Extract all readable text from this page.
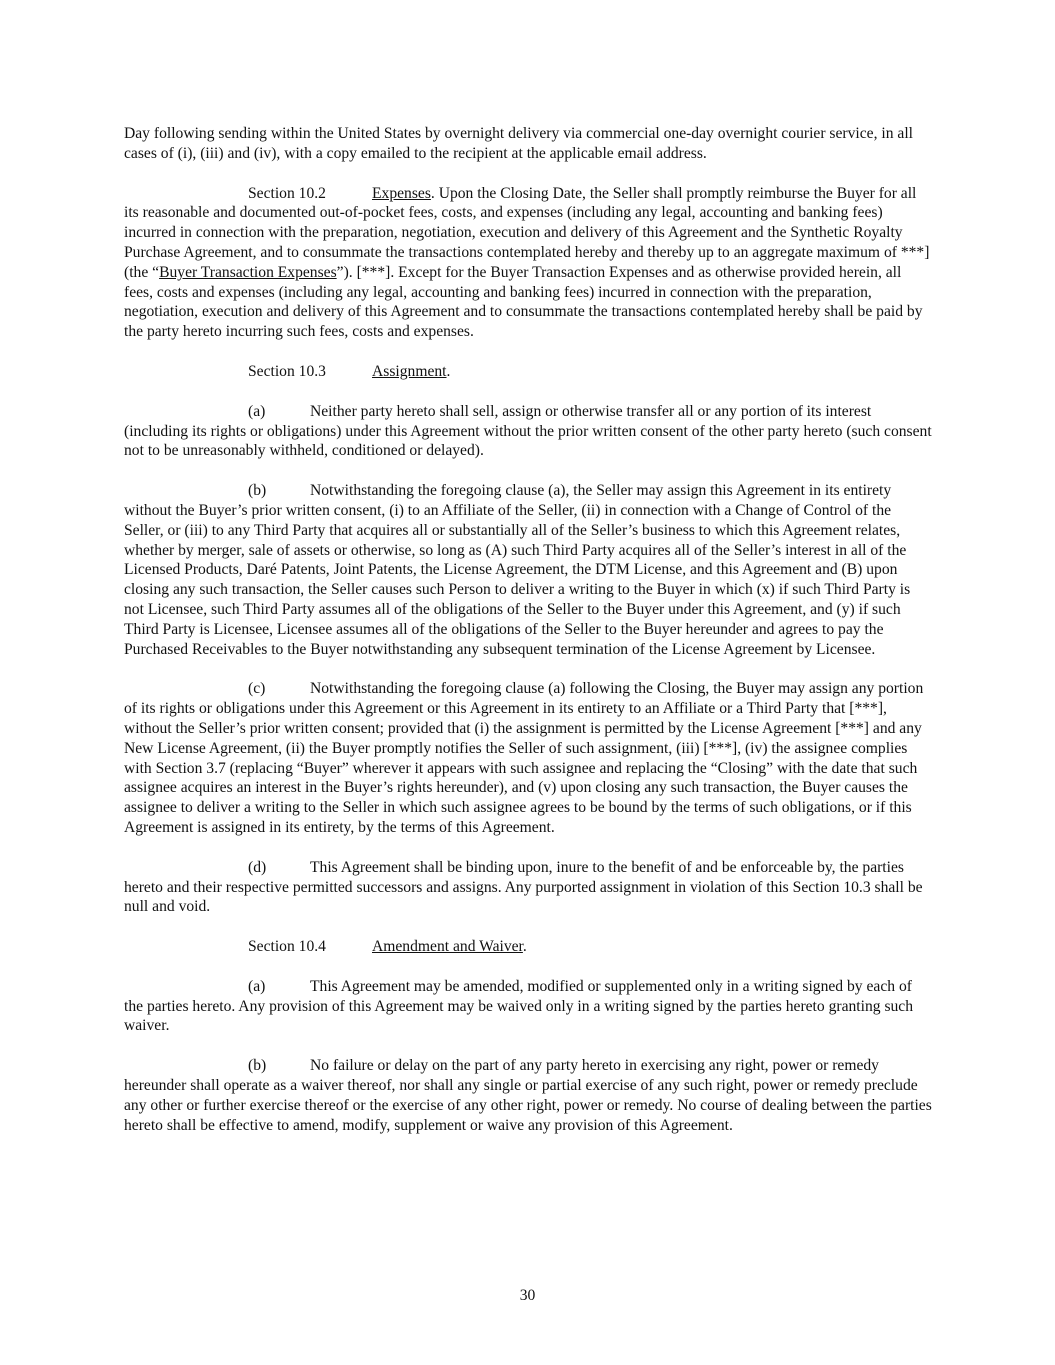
Day following sending within the United States by overnight delivery via commercial one-day overnight courier service, in all cases of (i), (iii) and (iv), with a copy emailed to the recipient at the applicable email address.

Section 10.2	Expenses. Upon the Closing Date, the Seller shall promptly reimburse the Buyer for all its reasonable and documented out-of-pocket fees, costs, and expenses (including any legal, accounting and banking fees) incurred in connection with the preparation, negotiation, execution and delivery of this Agreement and the Synthetic Royalty Purchase Agreement, and to consummate the transactions contemplated hereby and thereby up to an aggregate maximum of ***] (the “Buyer Transaction Expenses”). [***]. Except for the Buyer Transaction Expenses and as otherwise provided herein, all fees, costs and expenses (including any legal, accounting and banking fees) incurred in connection with the preparation, negotiation, execution and delivery of this Agreement and to consummate the transactions contemplated hereby shall be paid by the party hereto incurring such fees, costs and expenses.

Section 10.3	Assignment.

(a)	Neither party hereto shall sell, assign or otherwise transfer all or any portion of its interest (including its rights or obligations) under this Agreement without the prior written consent of the other party hereto (such consent not to be unreasonably withheld, conditioned or delayed).

(b)	Notwithstanding the foregoing clause (a), the Seller may assign this Agreement in its entirety without the Buyer’s prior written consent, (i) to an Affiliate of the Seller, (ii) in connection with a Change of Control of the Seller, or (iii) to any Third Party that acquires all or substantially all of the Seller’s business to which this Agreement relates, whether by merger, sale of assets or otherwise, so long as (A) such Third Party acquires all of the Seller’s interest in all of the Licensed Products, Daré Patents, Joint Patents, the License Agreement, the DTM License, and this Agreement and (B) upon closing any such transaction, the Seller causes such Person to deliver a writing to the Buyer in which (x) if such Third Party is not Licensee, such Third Party assumes all of the obligations of the Seller to the Buyer under this Agreement, and (y) if such Third Party is Licensee, Licensee assumes all of the obligations of the Seller to the Buyer hereunder and agrees to pay the Purchased Receivables to the Buyer notwithstanding any subsequent termination of the License Agreement by Licensee.

(c)	Notwithstanding the foregoing clause (a) following the Closing, the Buyer may assign any portion of its rights or obligations under this Agreement or this Agreement in its entirety to an Affiliate or a Third Party that [***], without the Seller’s prior written consent; provided that (i) the assignment is permitted by the License Agreement [***] and any New License Agreement, (ii) the Buyer promptly notifies the Seller of such assignment, (iii) [***], (iv) the assignee complies with Section 3.7 (replacing “Buyer” wherever it appears with such assignee and replacing the “Closing” with the date that such assignee acquires an interest in the Buyer’s rights hereunder), and (v) upon closing any such transaction, the Buyer causes the assignee to deliver a writing to the Seller in which such assignee agrees to be bound by the terms of such obligations, or if this Agreement is assigned in its entirety, by the terms of this Agreement.

(d)	This Agreement shall be binding upon, inure to the benefit of and be enforceable by, the parties hereto and their respective permitted successors and assigns. Any purported assignment in violation of this Section 10.3 shall be null and void.

Section 10.4	Amendment and Waiver.

(a)	This Agreement may be amended, modified or supplemented only in a writing signed by each of the parties hereto. Any provision of this Agreement may be waived only in a writing signed by the parties hereto granting such waiver.

(b)	No failure or delay on the part of any party hereto in exercising any right, power or remedy hereunder shall operate as a waiver thereof, nor shall any single or partial exercise of any such right, power or remedy preclude any other or further exercise thereof or the exercise of any other right, power or remedy. No course of dealing between the parties hereto shall be effective to amend, modify, supplement or waive any provision of this Agreement.

30
